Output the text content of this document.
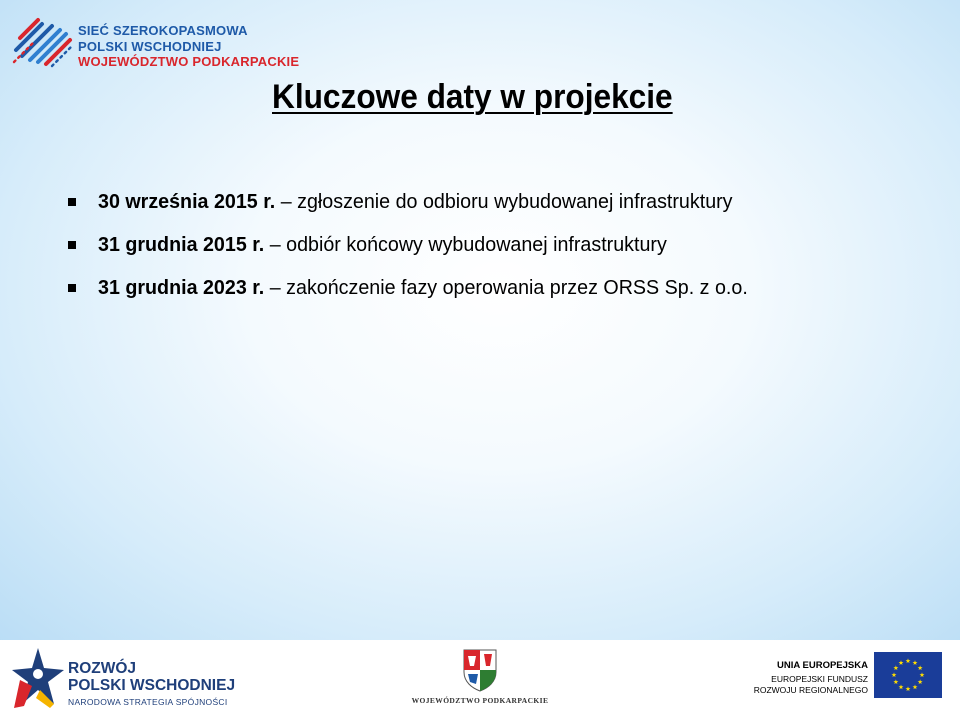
SIEĆ SZEROKOPASMOWA
POLSKI WSCHODNIEJ
WOJEWÓDZTWO PODKARPACKIE
Kluczowe daty w projekcie
30 września 2015 r. – zgłoszenie do odbioru wybudowanej infrastruktury
31 grudnia 2015 r. – odbiór końcowy wybudowanej infrastruktury
31 grudnia 2023 r. – zakończenie fazy operowania przez ORSS Sp. z o.o.
ROZWÓJ
POLSKI WSCHODNIEJ
NARODOWA STRATEGIA SPÓJNOŚCI	WOJEWÓDZTWO PODKARPACKIE
UNIA EUROPEJSKA
EUROPEJSKI FUNDUSZ
ROZWOJU REGIONALNEGO
